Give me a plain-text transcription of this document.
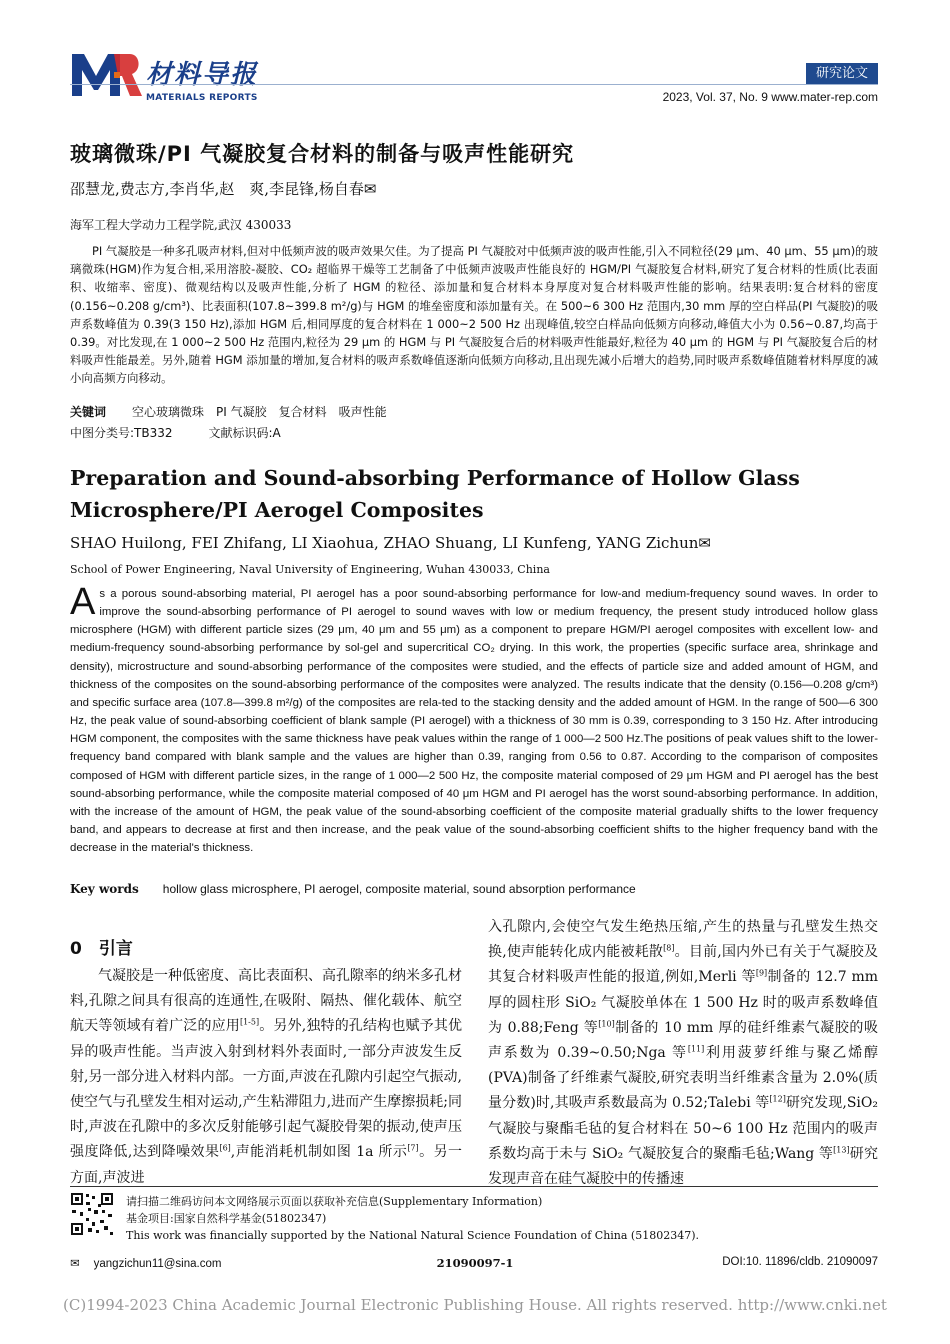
材料导报
MATERIALS REPORTS
研究论文
2023, Vol. 37, No. 9 www.mater-rep.com
玻璃微珠/PI 气凝胶复合材料的制备与吸声性能研究
邵慧龙,费志方,李肖华,赵　爽,李昆锋,杨自春✉
海军工程大学动力工程学院,武汉 430033
PI 气凝胶是一种多孔吸声材料,但对中低频声波的吸声效果欠佳。为了提高 PI 气凝胶对中低频声波的吸声性能,引入不同粒径(29 μm、40 μm、55 μm)的玻璃微珠(HGM)作为复合相,采用溶胶-凝胶、CO₂ 超临界干燥等工艺制备了中低频声波吸声性能良好的 HGM/PI 气凝胶复合材料,研究了复合材料的性质(比表面积、收缩率、密度)、微观结构以及吸声性能,分析了 HGM 的粒径、添加量和复合材料本身厚度对复合材料吸声性能的影响。结果表明:复合材料的密度(0.156~0.208 g/cm³)、比表面积(107.8~399.8 m²/g)与 HGM 的堆垒密度和添加量有关。在 500~6 300 Hz 范围内,30 mm 厚的空白样品(PI 气凝胶)的吸声系数峰值为 0.39(3 150 Hz),添加 HGM 后,相同厚度的复合材料在 1 000~2 500 Hz 出现峰值,较空白样品向低频方向移动,峰值大小为 0.56~0.87,均高于 0.39。对比发现,在 1 000~2 500 Hz 范围内,粒径为 29 μm 的 HGM 与 PI 气凝胶复合后的材料吸声性能最好,粒径为 40 μm 的 HGM 与 PI 气凝胶复合后的材料吸声性能最差。另外,随着 HGM 添加量的增加,复合材料的吸声系数峰值逐渐向低频方向移动,且出现先减小后增大的趋势,同时吸声系数峰值随着材料厚度的减小向高频方向移动。
关键词 空心玻璃微珠　PI 气凝胶　复合材料　吸声性能
中图分类号:TB332　　　文献标识码:A
Preparation and Sound-absorbing Performance of Hollow Glass Microsphere/PI Aerogel Composites
SHAO Huilong, FEI Zhifang, LI Xiaohua, ZHAO Shuang, LI Kunfeng, YANG Zichun✉
School of Power Engineering, Naval University of Engineering, Wuhan 430033, China
As a porous sound-absorbing material, PI aerogel has a poor sound-absorbing performance for low-and medium-frequency sound waves. In order to improve the sound-absorbing performance of PI aerogel to sound waves with low or medium frequency, the present study introduced hollow glass microsphere (HGM) with different particle sizes (29 μm, 40 μm and 55 μm) as a component to prepare HGM/PI aerogel composites with excellent low- and medium-frequency sound-absorbing performance by sol-gel and supercritical CO₂ drying. In this work, the properties (specific surface area, shrinkage and density), microstructure and sound-absorbing performance of the composites were studied, and the effects of particle size and added amount of HGM, and thickness of the composites on the sound-absorbing performance of the composites were analyzed. The results indicate that the density (0.156—0.208 g/cm³) and specific surface area (107.8—399.8 m²/g) of the composites are rela-ted to the stacking density and the added amount of HGM. In the range of 500—6 300 Hz, the peak value of sound-absorbing coefficient of blank sample (PI aerogel) with a thickness of 30 mm is 0.39, corresponding to 3 150 Hz. After introducing HGM component, the composites with the same thickness have peak values within the range of 1 000—2 500 Hz.The positions of peak values shift to the lower-frequency band compared with blank sample and the values are higher than 0.39, ranging from 0.56 to 0.87. According to the comparison of composites composed of HGM with different particle sizes, in the range of 1 000—2 500 Hz, the composite material composed of 29 μm HGM and PI aerogel has the best sound-absorbing performance, while the composite material composed of 40 μm HGM and PI aerogel has the worst sound-absorbing performance. In addition, with the increase of the amount of HGM, the peak value of the sound-absorbing coefficient of the composite material gradually shifts to the lower frequency band, and appears to decrease at first and then increase, and the peak value of the sound-absorbing coefficient shifts to the higher frequency band with the decrease in the material's thickness.
Key words hollow glass microsphere, PI aerogel, composite material, sound absorption performance
0　引言
气凝胶是一种低密度、高比表面积、高孔隙率的纳米多孔材料,孔隙之间具有很高的连通性,在吸附、隔热、催化载体、航空航天等领域有着广泛的应用[1-5]。另外,独特的孔结构也赋予其优异的吸声性能。当声波入射到材料外表面时,一部分声波发生反射,另一部分进入材料内部。一方面,声波在孔隙内引起空气振动,使空气与孔壁发生相对运动,产生粘滞阻力,进而产生摩擦损耗;同时,声波在孔隙中的多次反射能够引起气凝胶骨架的振动,使声压强度降低,达到降噪效果[6],声能消耗机制如图 1a 所示[7]。另一方面,声波进
入孔隙内,会使空气发生绝热压缩,产生的热量与孔壁发生热交换,使声能转化成内能被耗散[8]。目前,国内外已有关于气凝胶及其复合材料吸声性能的报道,例如,Merli 等[9]制备的 12.7 mm 厚的圆柱形 SiO₂ 气凝胶单体在 1 500 Hz 时的吸声系数峰值为 0.88;Feng 等[10]制备的 10 mm 厚的硅纤维素气凝胶的吸声系数为 0.39~0.50;Nga 等[11]利用菠萝纤维与聚乙烯醇(PVA)制备了纤维素气凝胶,研究表明当纤维素含量为 2.0%(质量分数)时,其吸声系数最高为 0.52;Talebi 等[12]研究发现,SiO₂ 气凝胶与聚酯毛毡的复合材料在 50~6 100 Hz 范围内的吸声系数均高于未与 SiO₂ 气凝胶复合的聚酯毛毡;Wang 等[13]研究发现声音在硅气凝胶中的传播速
请扫描二维码访问本文网络展示页面以获取补充信息(Supplementary Information)
基金项目:国家自然科学基金(51802347)
This work was financially supported by the National Natural Science Foundation of China (51802347).
✉ yangzichun11@sina.com	21090097-1	DOI:10. 11896/cldb. 21090097
(C)1994-2023 China Academic Journal Electronic Publishing House. All rights reserved. http://www.cnki.net
